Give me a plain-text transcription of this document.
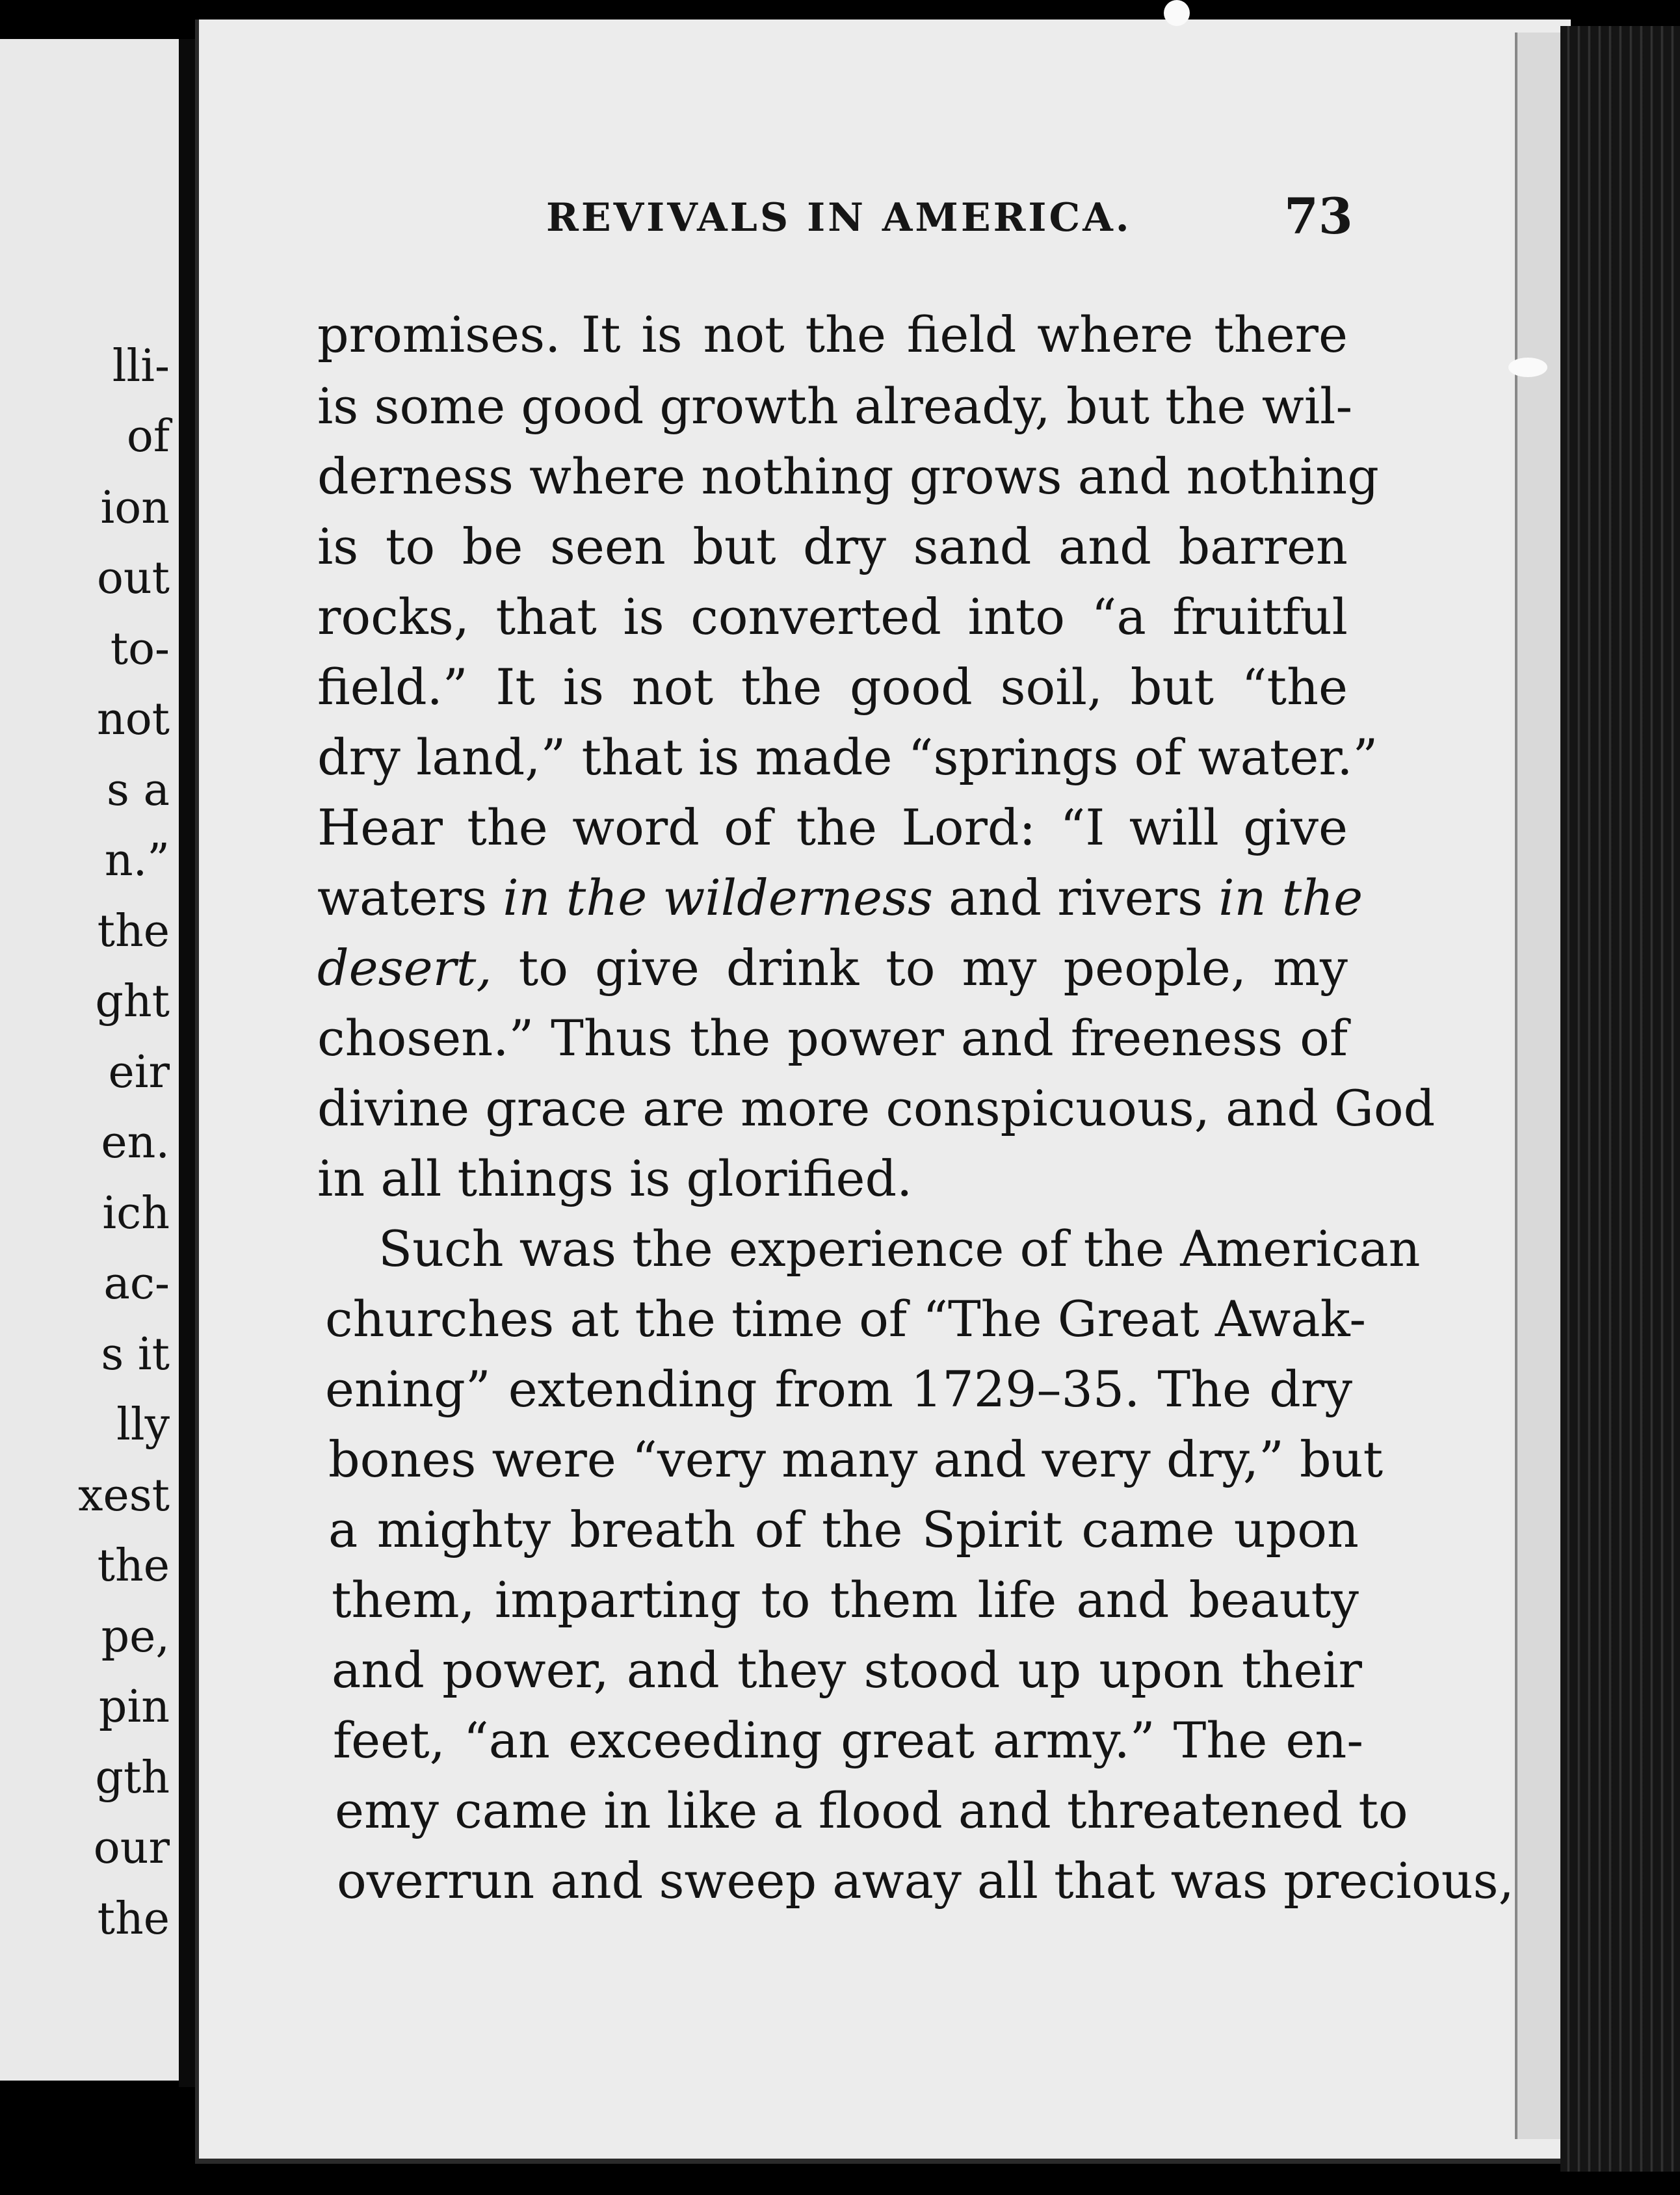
lli-
of
ion
out
to-
not
s a
n.”
the
ght
eir
en.
ich
ac-
s it
lly
xest
the
pe,
pin
gth
our
the
REVIVALS IN AMERICA.	73
promises. It is not the field where there
is some good growth already, but the wil-
derness where nothing grows and nothing
is to be seen but dry sand and barren
rocks, that is converted into “a fruitful
field.” It is not the good soil, but “the
dry land,” that is made “springs of water.”
Hear the word of the Lord: “I will give
waters in the wilderness and rivers in the
desert, to give drink to my people, my
chosen.” Thus the power and freeness of
divine grace are more conspicuous, and God
in all things is glorified.
Such was the experience of the American
churches at the time of “The Great Awak-
ening” extending from 1729–35. The dry
bones were “very many and very dry,” but
a mighty breath of the Spirit came upon
them, imparting to them life and beauty
and power, and they stood up upon their
feet, “an exceeding great army.” The en-
emy came in like a flood and threatened to
overrun and sweep away all that was precious,
